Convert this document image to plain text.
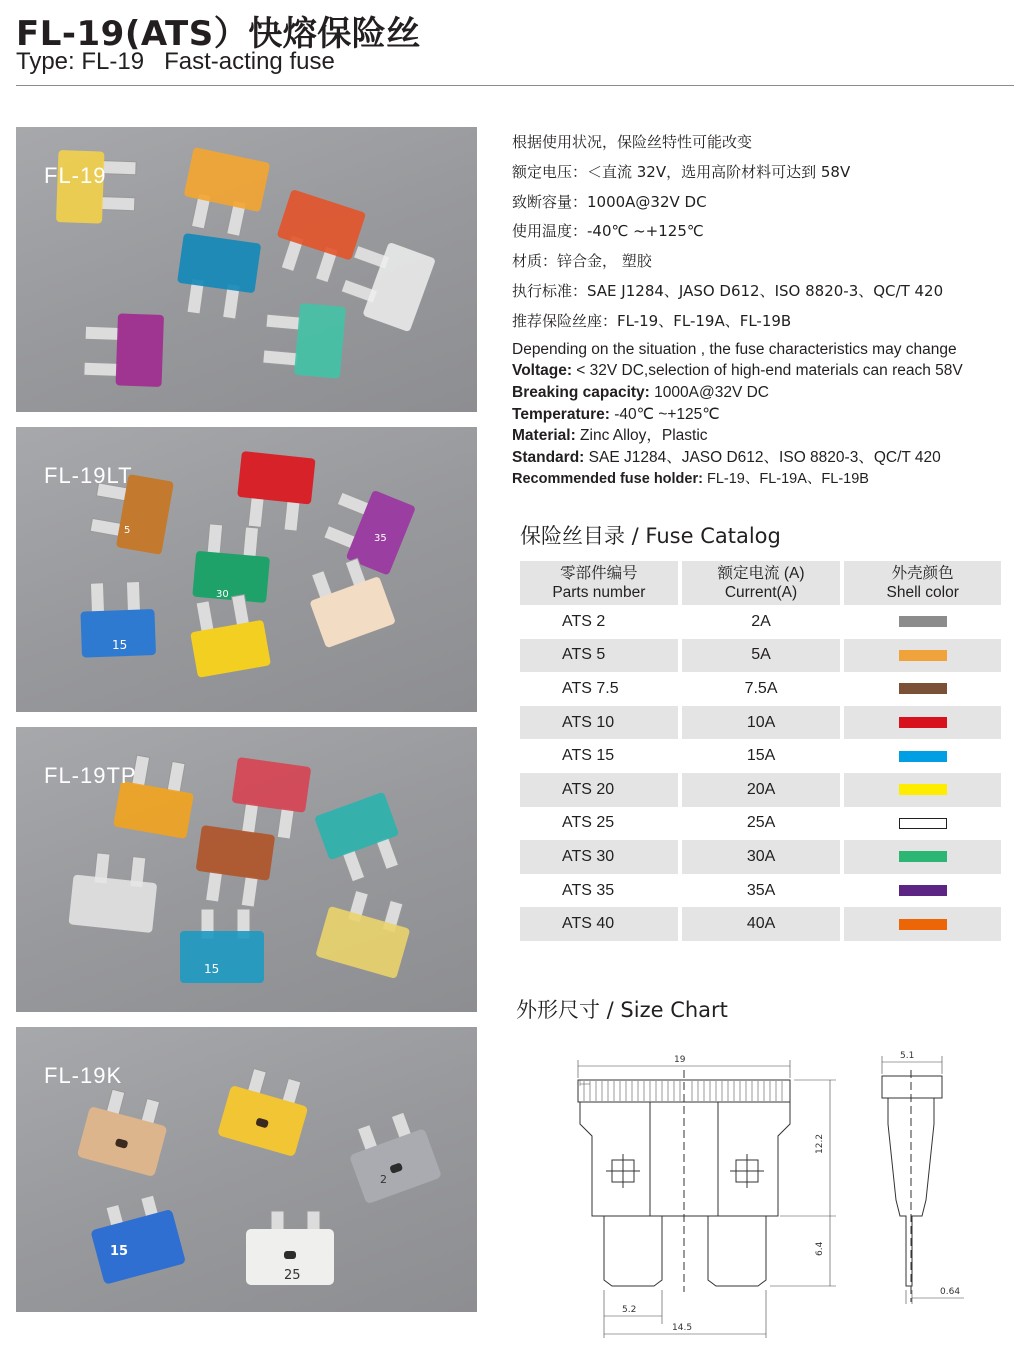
FL-19(ATS）快熔保险丝
Type: FL-19   Fast-acting fuse
FL-19
FL-19LT
5
35
30
15
FL-19TP
15
FL-19K
15
2
25
根据使用状况，保险丝特性可能改变
额定电压：＜直流 32V，选用高阶材料可达到 58V
致断容量：1000A@32V DC
使用温度：-40℃ ~+125℃
材质：锌合金， 塑胶
执行标准：SAE J1284、JASO D612、ISO 8820-3、QC/T 420
推荐保险丝座：FL-19、FL-19A、FL-19B
Depending on the situation , the fuse characteristics may change
Voltage: < 32V DC,selection of high-end materials can reach 58V
Breaking capacity: 1000A@32V DC
Temperature: -40℃ ~+125℃
Material: Zinc Alloy，Plastic
Standard: SAE J1284、JASO D612、ISO 8820-3、QC/T 420
Recommended fuse holder: FL-19、FL-19A、FL-19B
保险丝目录 / Fuse Catalog
零部件编号
Parts number
额定电流 (A)
Current(A)
外壳颜色
Shell color
ATS 2	2A
ATS 5	5A
ATS 7.5	7.5A
ATS 10	10A
ATS 15	15A
ATS 20	20A
ATS 25	25A
ATS 30	30A
ATS 35	35A
ATS 40	40A
外形尺寸 / Size Chart
19
12.2
6.4
5.2
14.5
5.1
0.64
